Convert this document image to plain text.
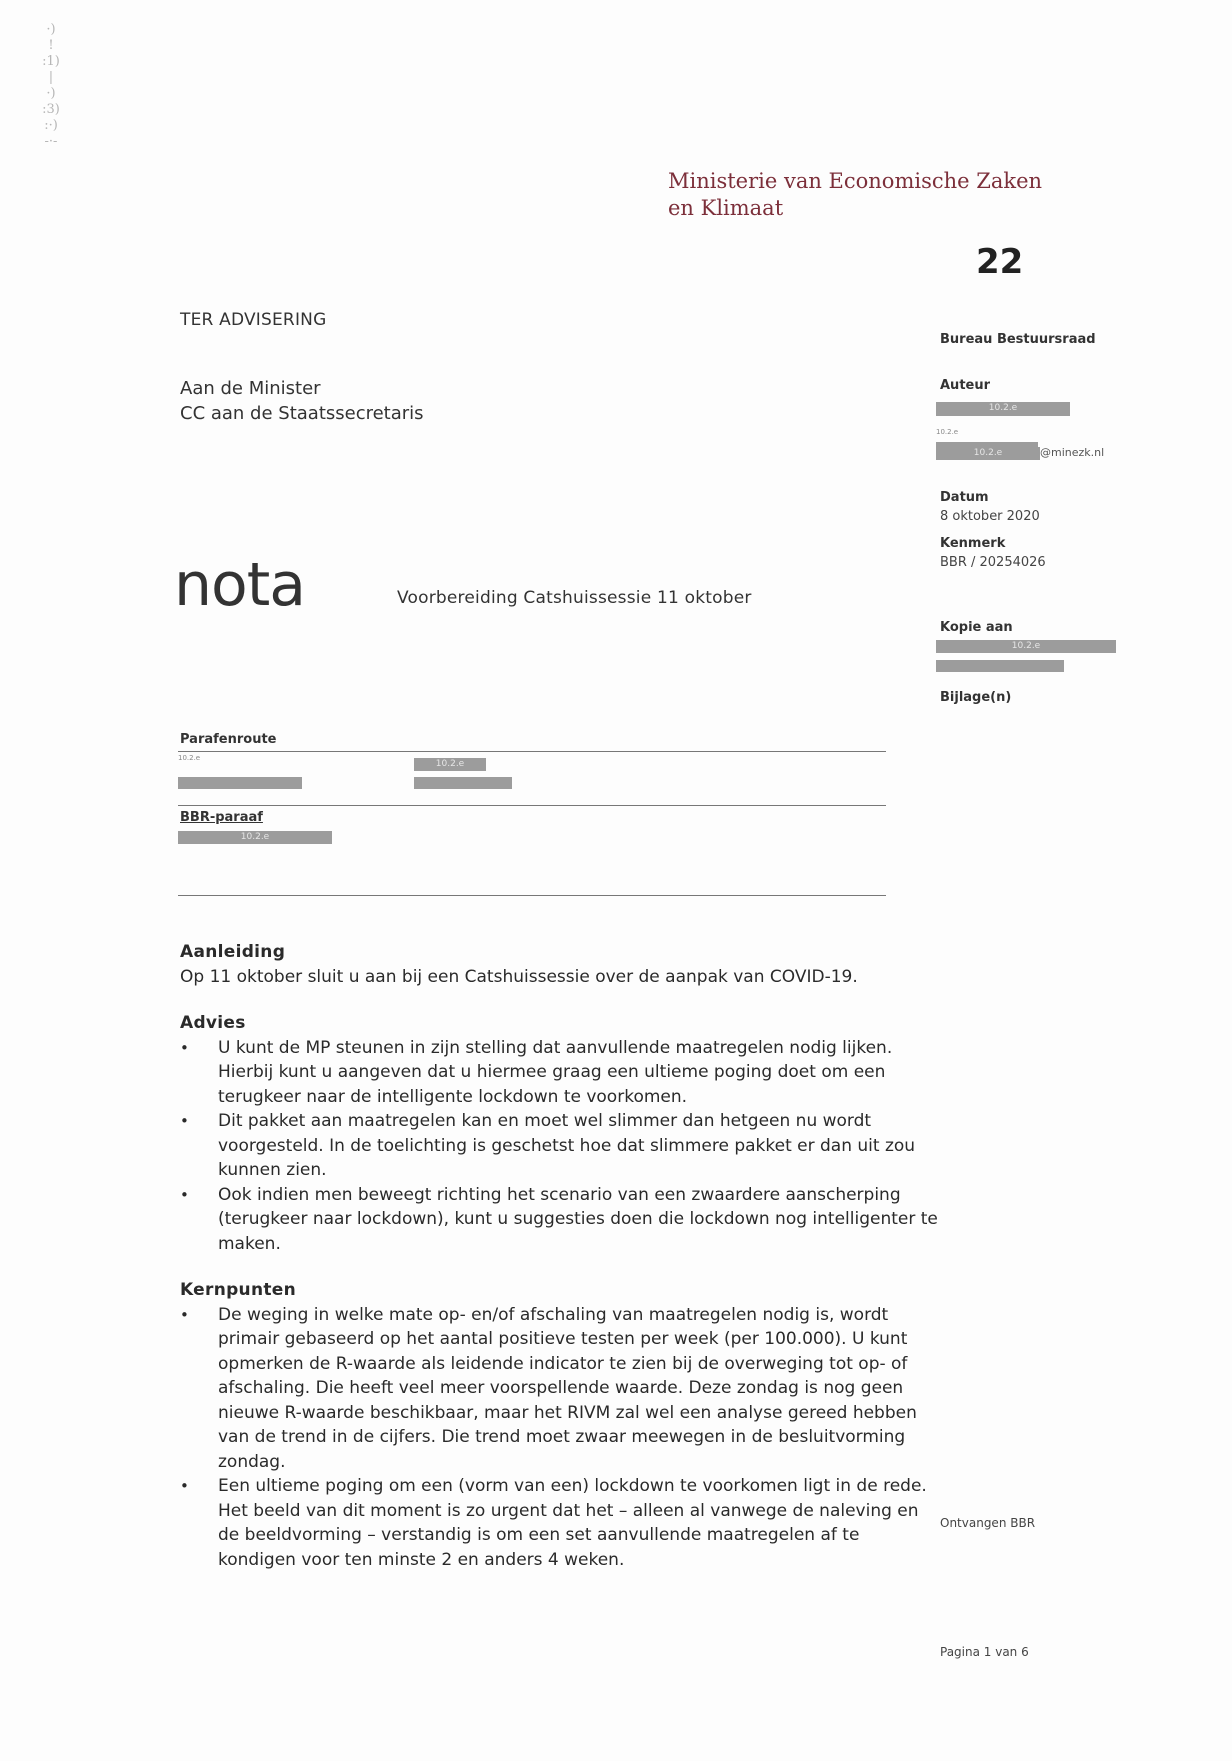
·)
!
:1)
|
·)
:3)
:·)
-·-
Ministerie van Economische Zaken
en Klimaat
22
TER ADVISERING
Aan de Minister
CC aan de Staatssecretaris
nota	Voorbereiding Catshuissessie 11 oktober
Bureau Bestuursraad
Auteur
10.2.e
10.2.e
10.2.e	@minezk.nl
Datum
8 oktober 2020
Kenmerk
BBR / 20254026
Kopie aan
10.2.e
Bijlage(n)
Parafenroute
10.2.e
10.2.e
BBR-paraaf
10.2.e
Aanleiding

Op 11 oktober sluit u aan bij een Catshuissessie over de aanpak van COVID-19.

Advies
• U kunt de MP steunen in zijn stelling dat aanvullende maatregelen nodig lijken. Hierbij kunt u aangeven dat u hiermee graag een ultieme poging doet om een terugkeer naar de intelligente lockdown te voorkomen.
• Dit pakket aan maatregelen kan en moet wel slimmer dan hetgeen nu wordt voorgesteld. In de toelichting is geschetst hoe dat slimmere pakket er dan uit zou kunnen zien.
• Ook indien men beweegt richting het scenario van een zwaardere aanscherping (terugkeer naar lockdown), kunt u suggesties doen die lockdown nog intelligenter te maken.
Kernpunten
• De weging in welke mate op- en/of afschaling van maatregelen nodig is, wordt primair gebaseerd op het aantal positieve testen per week (per 100.000). U kunt opmerken de R-waarde als leidende indicator te zien bij de overweging tot op- of afschaling. Die heeft veel meer voorspellende waarde. Deze zondag is nog geen nieuwe R-waarde beschikbaar, maar het RIVM zal wel een analyse gereed hebben van de trend in de cijfers. Die trend moet zwaar meewegen in de besluitvorming zondag.
• Een ultieme poging om een (vorm van een) lockdown te voorkomen ligt in de rede. Het beeld van dit moment is zo urgent dat het – alleen al vanwege de naleving en de beeldvorming – verstandig is om een set aanvullende maatregelen af te kondigen voor ten minste 2 en anders 4 weken.
Ontvangen BBR
Pagina 1 van 6
